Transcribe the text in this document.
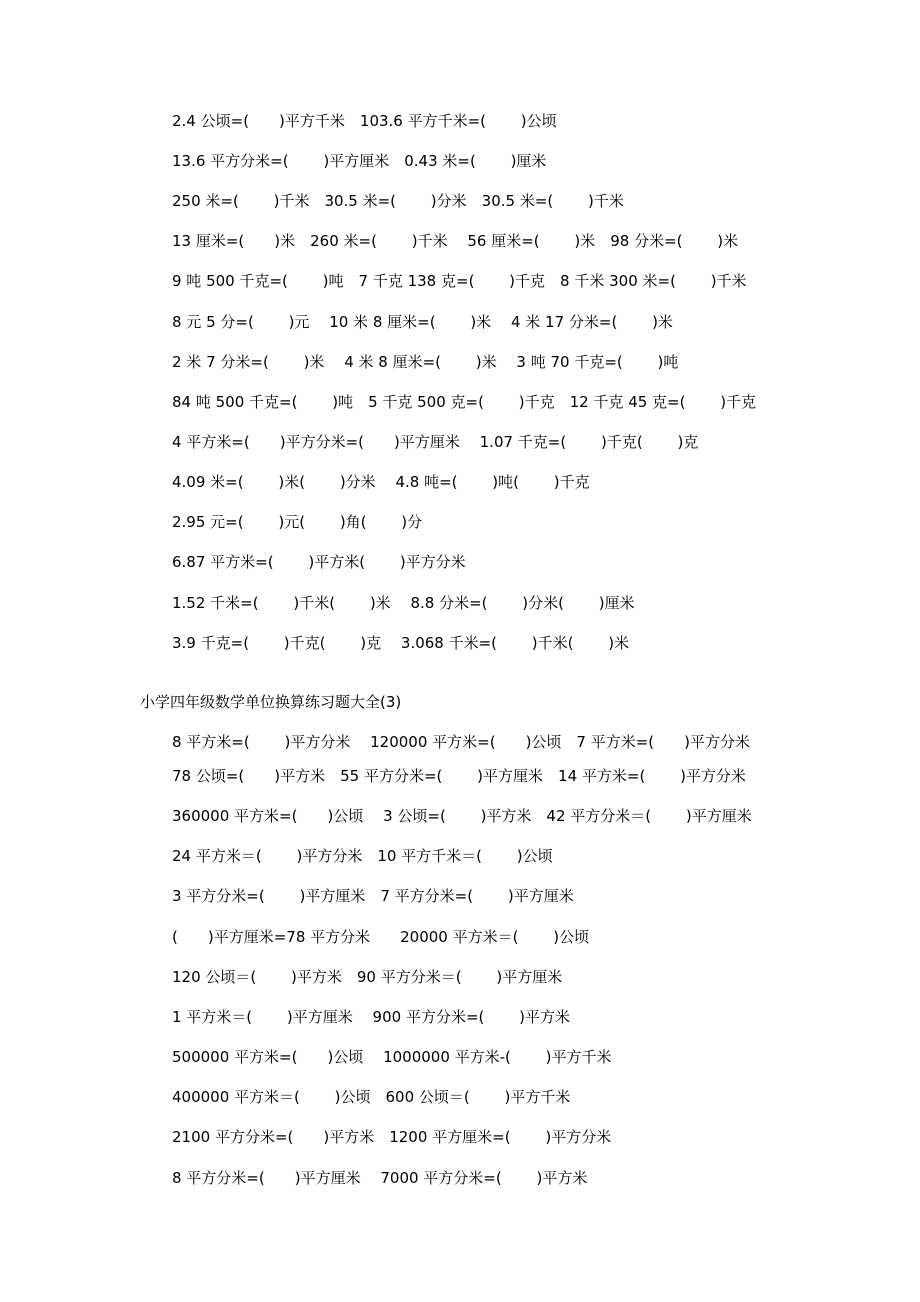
2.4 公顷=(　　)平方千米　103.6 平方千米=(　　 )公顷
13.6 平方分米=(　　 )平方厘米　0.43 米=(　　 )厘米
250 米=(　　 )千米　30.5 米=(　　 )分米　30.5 米=(　　 )千米
13 厘米=(　　)米　260 米=(　　 )千米　 56 厘米=(　　 )米　98 分米=(　　 )米
9 吨 500 千克=(　　 )吨　7 千克 138 克=(　　 )千克　8 千米 300 米=(　　 )千米
8 元 5 分=(　　 )元　 10 米 8 厘米=(　　 )米　 4 米 17 分米=(　　 )米
2 米 7 分米=(　　 )米　 4 米 8 厘米=(　　 )米　 3 吨 70 千克=(　　 )吨
84 吨 500 千克=(　　 )吨　5 千克 500 克=(　　 )千克　12 千克 45 克=(　　 )千克
4 平方米=(　　)平方分米=(　　)平方厘米　 1.07 千克=(　　 )千克(　　 )克
4.09 米=(　　 )米(　　 )分米　 4.8 吨=(　　 )吨(　　 )千克
2.95 元=(　　 )元(　　 )角(　　 )分
6.87 平方米=(　　 )平方米(　　 )平方分米
1.52 千米=(　　 )千米(　　 )米　 8.8 分米=(　　 )分米(　　 )厘米
3.9 千克=(　　 )千克(　　 )克　 3.068 千米=(　　 )千米(　　 )米
小学四年级数学单位换算练习题大全(3)
8 平方米=(　　 )平方分米　 120000 平方米=(　　)公顷　7 平方米=(　　)平方分米
78 公顷=(　　)平方米　55 平方分米=(　　 )平方厘米　14 平方米=(　　 )平方分米
360000 平方米=(　　)公顷　 3 公顷=(　　 )平方米　42 平方分米＝(　　 )平方厘米
24 平方米＝(　　 )平方分米　10 平方千米＝(　　 )公顷
3 平方分米=(　　 )平方厘米　7 平方分米=(　　 )平方厘米
(　　)平方厘米=78 平方分米　　20000 平方米＝(　　 )公顷
120 公顷＝(　　 )平方米　90 平方分米＝(　　 )平方厘米
1 平方米＝(　　 )平方厘米　 900 平方分米=(　　 )平方米
500000 平方米=(　　)公顷　 1000000 平方米-(　　 )平方千米
400000 平方米＝(　　 )公顷　600 公顷＝(　　 )平方千米
2100 平方分米=(　　)平方米　1200 平方厘米=(　　 )平方分米
8 平方分米=(　　)平方厘米　 7000 平方分米=(　　 )平方米
